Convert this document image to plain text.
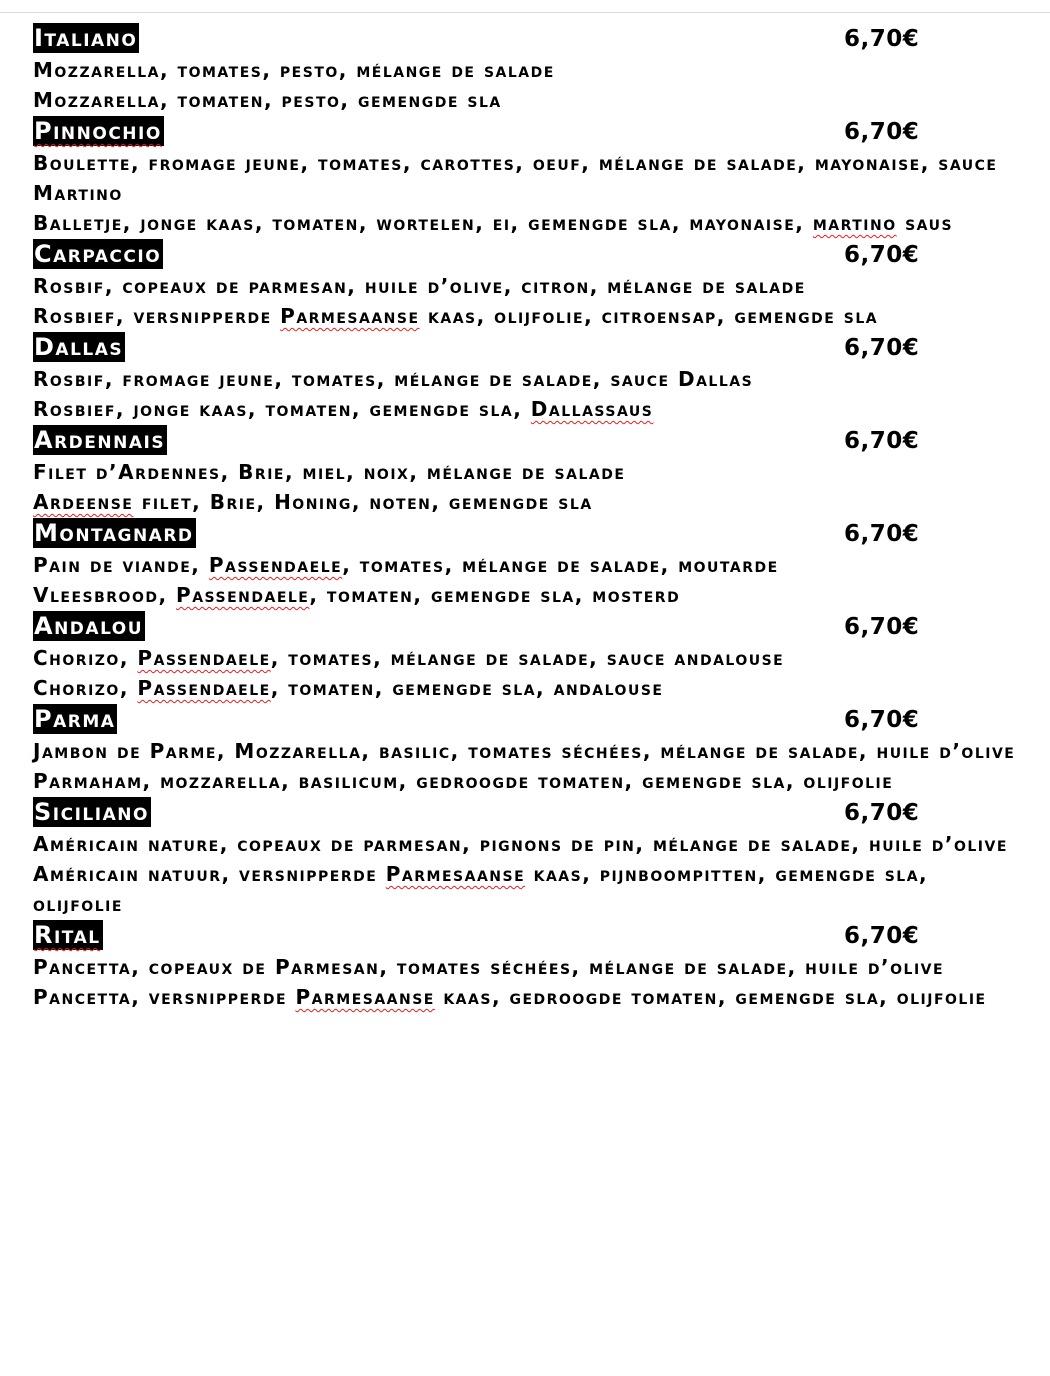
Italiano	6,70€
Mozzarella, tomates, pesto, mélange de salade
Mozzarella, tomaten, pesto, gemengde sla
Pinnochio	6,70€
Boulette, fromage jeune, tomates, carottes, oeuf, mélange de salade, mayonaise, sauce Martino
Balletje, jonge kaas, tomaten, wortelen, ei, gemengde sla, mayonaise, martino saus
Carpaccio	6,70€
Rosbif, copeaux de parmesan, huile d’olive, citron, mélange de salade
Rosbief, versnipperde Parmesaanse kaas, olijfolie, citroensap, gemengde sla
Dallas	6,70€
Rosbif, fromage jeune, tomates, mélange de salade, sauce Dallas
Rosbief, jonge kaas, tomaten, gemengde sla, Dallassaus
Ardennais	6,70€
Filet d’Ardennes, Brie, miel, noix, mélange de salade
Ardeense filet, Brie, Honing, noten, gemengde sla
Montagnard	6,70€
Pain de viande, Passendaele, tomates, mélange de salade, moutarde
Vleesbrood, Passendaele, tomaten, gemengde sla, mosterd
Andalou	6,70€
Chorizo, Passendaele, tomates, mélange de salade, sauce andalouse
Chorizo, Passendaele, tomaten, gemengde sla, andalouse
Parma	6,70€
Jambon de Parme, Mozzarella, basilic, tomates séchées, mélange de salade, huile d’olive
Parmaham, mozzarella, basilicum, gedroogde tomaten, gemengde sla, olijfolie
Siciliano	6,70€
Américain nature, copeaux de parmesan, pignons de pin, mélange de salade, huile d’olive
Américain natuur, versnipperde Parmesaanse kaas, pijnboompitten, gemengde sla, olijfolie
Rital	6,70€
Pancetta, copeaux de Parmesan, tomates séchées, mélange de salade, huile d’olive
Pancetta, versnipperde Parmesaanse kaas, gedroogde tomaten, gemengde sla, olijfolie
